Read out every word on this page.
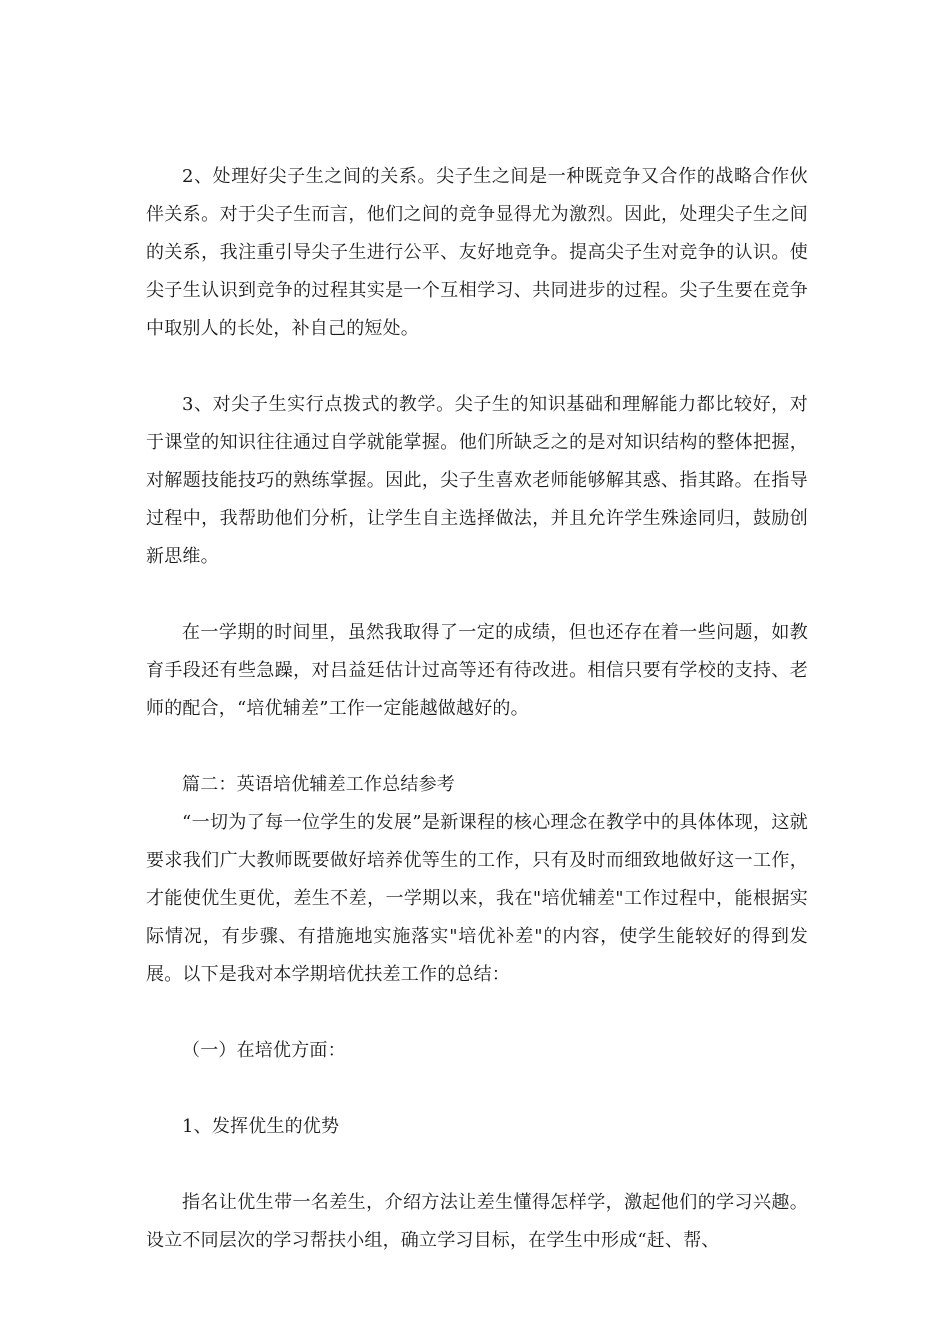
2、处理好尖子生之间的关系。尖子生之间是一种既竞争又合作的战略合作伙伴关系。对于尖子生而言，他们之间的竞争显得尤为激烈。因此，处理尖子生之间的关系，我注重引导尖子生进行公平、友好地竞争。提高尖子生对竞争的认识。使尖子生认识到竞争的过程其实是一个互相学习、共同进步的过程。尖子生要在竞争中取别人的长处，补自己的短处。

3、对尖子生实行点拨式的教学。尖子生的知识基础和理解能力都比较好，对于课堂的知识往往通过自学就能掌握。他们所缺乏之的是对知识结构的整体把握，对解题技能技巧的熟练掌握。因此，尖子生喜欢老师能够解其惑、指其路。在指导过程中，我帮助他们分析，让学生自主选择做法，并且允许学生殊途同归，鼓励创新思维。

在一学期的时间里，虽然我取得了一定的成绩，但也还存在着一些问题，如教育手段还有些急躁，对吕益廷估计过高等还有待改进。相信只要有学校的支持、老师的配合，“培优辅差”工作一定能越做越好的。

篇二：英语培优辅差工作总结参考

“一切为了每一位学生的发展”是新课程的核心理念在教学中的具体体现，这就要求我们广大教师既要做好培养优等生的工作，只有及时而细致地做好这一工作，才能使优生更优，差生不差，一学期以来，我在"培优辅差"工作过程中，能根据实际情况，有步骤、有措施地实施落实"培优补差"的内容，使学生能较好的得到发展。以下是我对本学期培优扶差工作的总结：

（一）在培优方面：

1、发挥优生的优势

指名让优生带一名差生，介绍方法让差生懂得怎样学，激起他们的学习兴趣。设立不同层次的学习帮扶小组，确立学习目标，在学生中形成“赶、帮、
